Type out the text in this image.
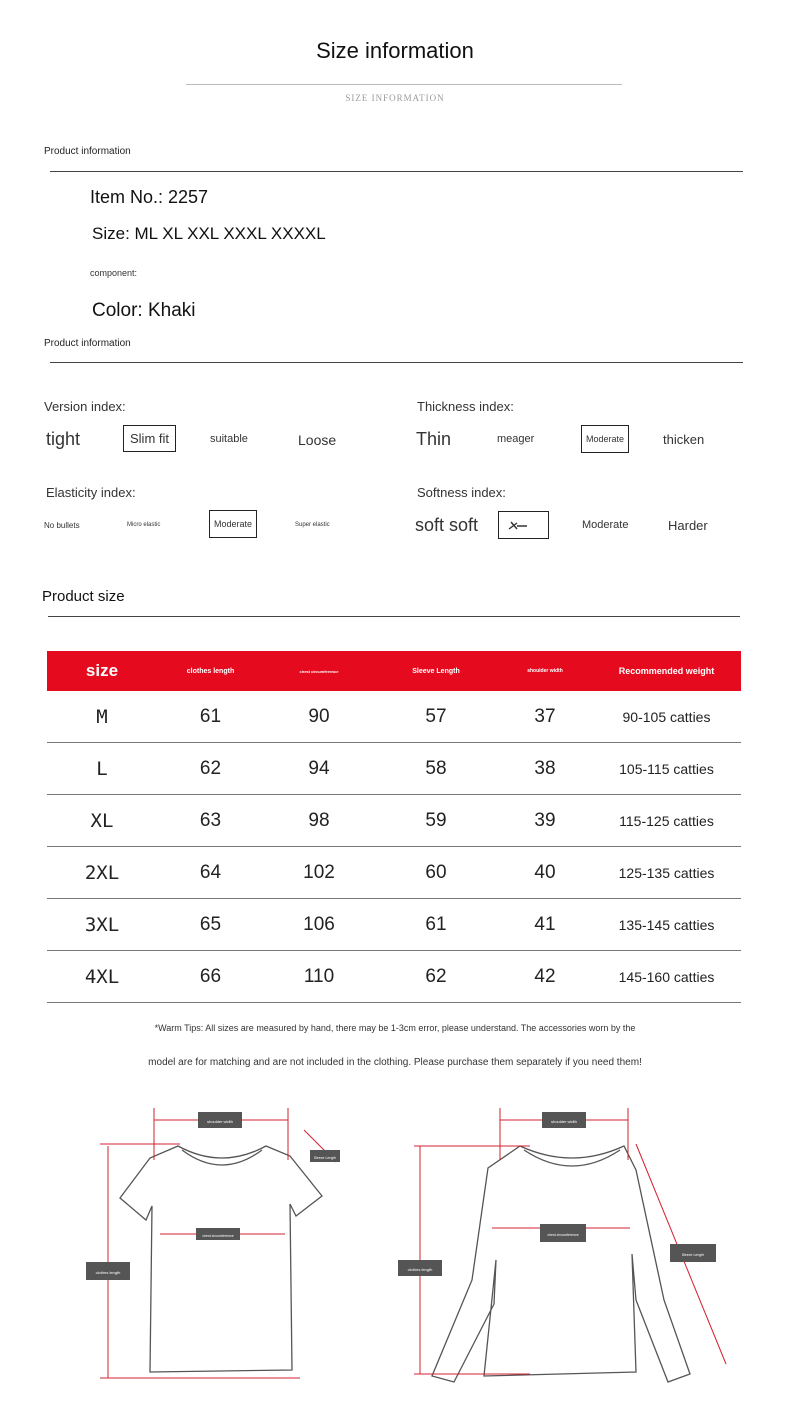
Size information
SIZE INFORMATION
Product information
Item No.: 2257
Size: ML XL XXL XXXL XXXXL
component:
Color: Khaki
Product information
Version index:
tight	Slim fit	suitable	Loose
Thickness index:
Thin	meager	Moderate	thicken
Elasticity index:
No bullets	Micro elastic	Moderate	Super elastic
Softness index:
soft soft	Moderate	Harder
Product size
size	clothes length	chest circumference	Sleeve Length	shoulder width	Recommended weight
M	61	90	57	37	90-105 catties
L	62	94	58	38	105-115 catties
XL	63	98	59	39	115-125 catties
2XL	64	102	60	40	125-135 catties
3XL	65	106	61	41	135-145 catties
4XL	66	110	62	42	145-160 catties
*Warm Tips: All sizes are measured by hand, there may be 1-3cm error, please understand. The accessories worn by the
model are for matching and are not included in the clothing. Please purchase them separately if you need them!
shoulder width
Sleeve Length
chest circumference
clothes length
shoulder width
chest circumference
clothes length
Sleeve Length
